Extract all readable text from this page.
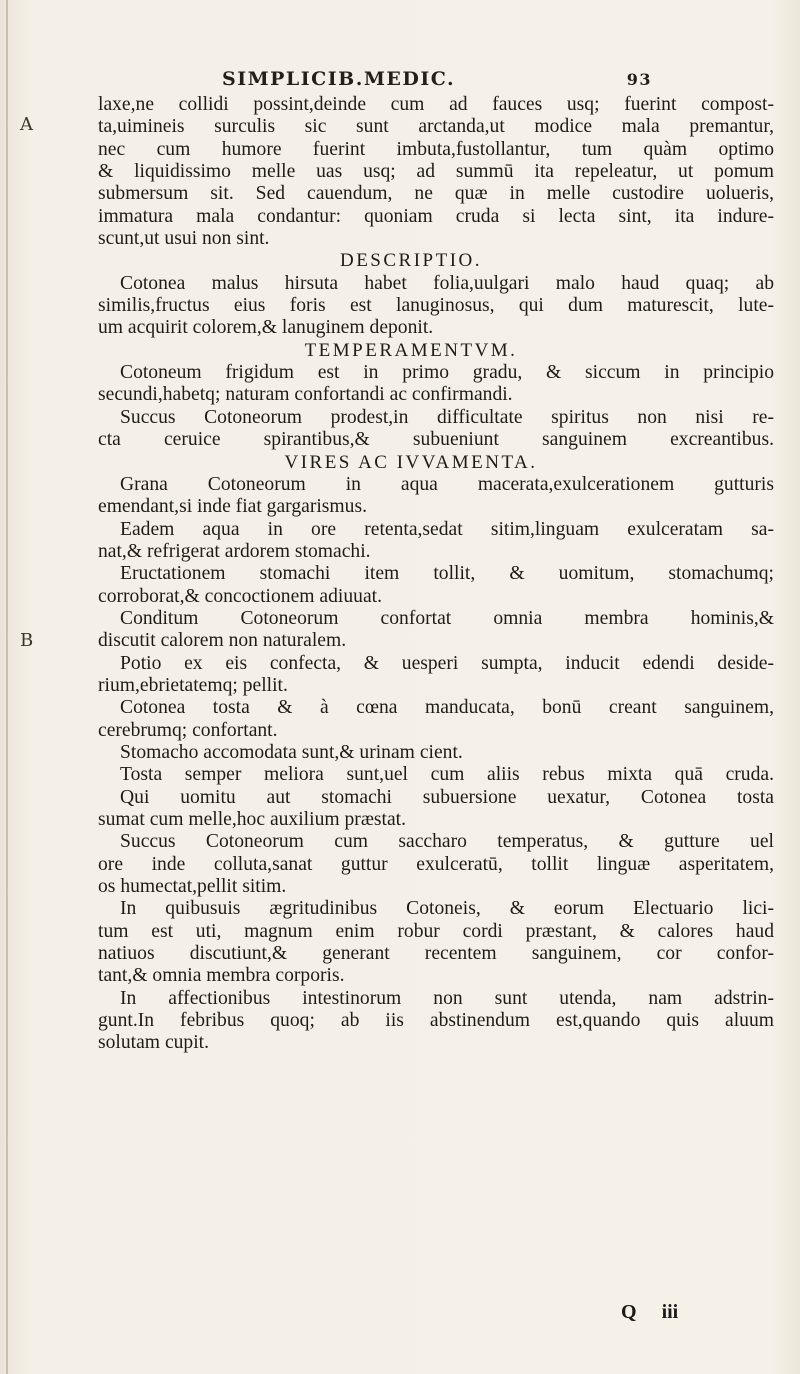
SIMPLICIB.MEDIC.	93
A
B
laxe,ne collidi possint,deinde cum ad fauces usq; fuerint compost-
ta,uimineis surculis sic sunt arctanda,ut modice mala premantur,
nec cum humore fuerint imbuta,fustollantur, tum quàm optimo
& liquidissimo melle uas usq; ad summū ita repeleatur, ut pomum
submersum sit. Sed cauendum, ne quæ in melle custodire uolueris,
immatura mala condantur: quoniam cruda si lecta sint, ita indure-
scunt,ut usui non sint.
DESCRIPTIO.
Cotonea malus hirsuta habet folia,uulgari malo haud quaq; ab
similis,fructus eius foris est lanuginosus, qui dum maturescit, lute-
um acquirit colorem,& lanuginem deponit.
TEMPERAMENTVM.
Cotoneum frigidum est in primo gradu, & siccum in principio
secundi,habetq; naturam confortandi ac confirmandi.
Succus Cotoneorum prodest,in difficultate spiritus non nisi re-
cta ceruice spirantibus,& subueniunt sanguinem excreantibus.
VIRES AC IVVAMENTA.
Grana Cotoneorum in aqua macerata,exulcerationem gutturis
emendant,si inde fiat gargarismus.
Eadem aqua in ore retenta,sedat sitim,linguam exulceratam sa-
nat,& refrigerat ardorem stomachi.
Eructationem stomachi item tollit, & uomitum, stomachumq;
corroborat,& concoctionem adiuuat.
Conditum Cotoneorum confortat omnia membra hominis,&
discutit calorem non naturalem.
Potio ex eis confecta, & uesperi sumpta, inducit edendi deside-
rium,ebrietatemq; pellit.
Cotonea tosta & à cœna manducata, bonū creant sanguinem,
cerebrumq; confortant.
Stomacho accomodata sunt,& urinam cient.
Tosta semper meliora sunt,uel cum aliis rebus mixta quā cruda.
Qui uomitu aut stomachi subuersione uexatur, Cotonea tosta
sumat cum melle,hoc auxilium præstat.
Succus Cotoneorum cum saccharo temperatus, & gutture uel
ore inde colluta,sanat guttur exulceratū, tollit linguæ asperitatem,
os humectat,pellit sitim.
In quibusuis ægritudinibus Cotoneis, & eorum Electuario lici-
tum est uti, magnum enim robur cordi præstant, & calores haud
natiuos discutiunt,& generant recentem sanguinem, cor confor-
tant,& omnia membra corporis.
In affectionibus intestinorum non sunt utenda, nam adstrin-
gunt.In febribus quoq; ab iis abstinendum est,quando quis aluum
solutam cupit.
Q iii
